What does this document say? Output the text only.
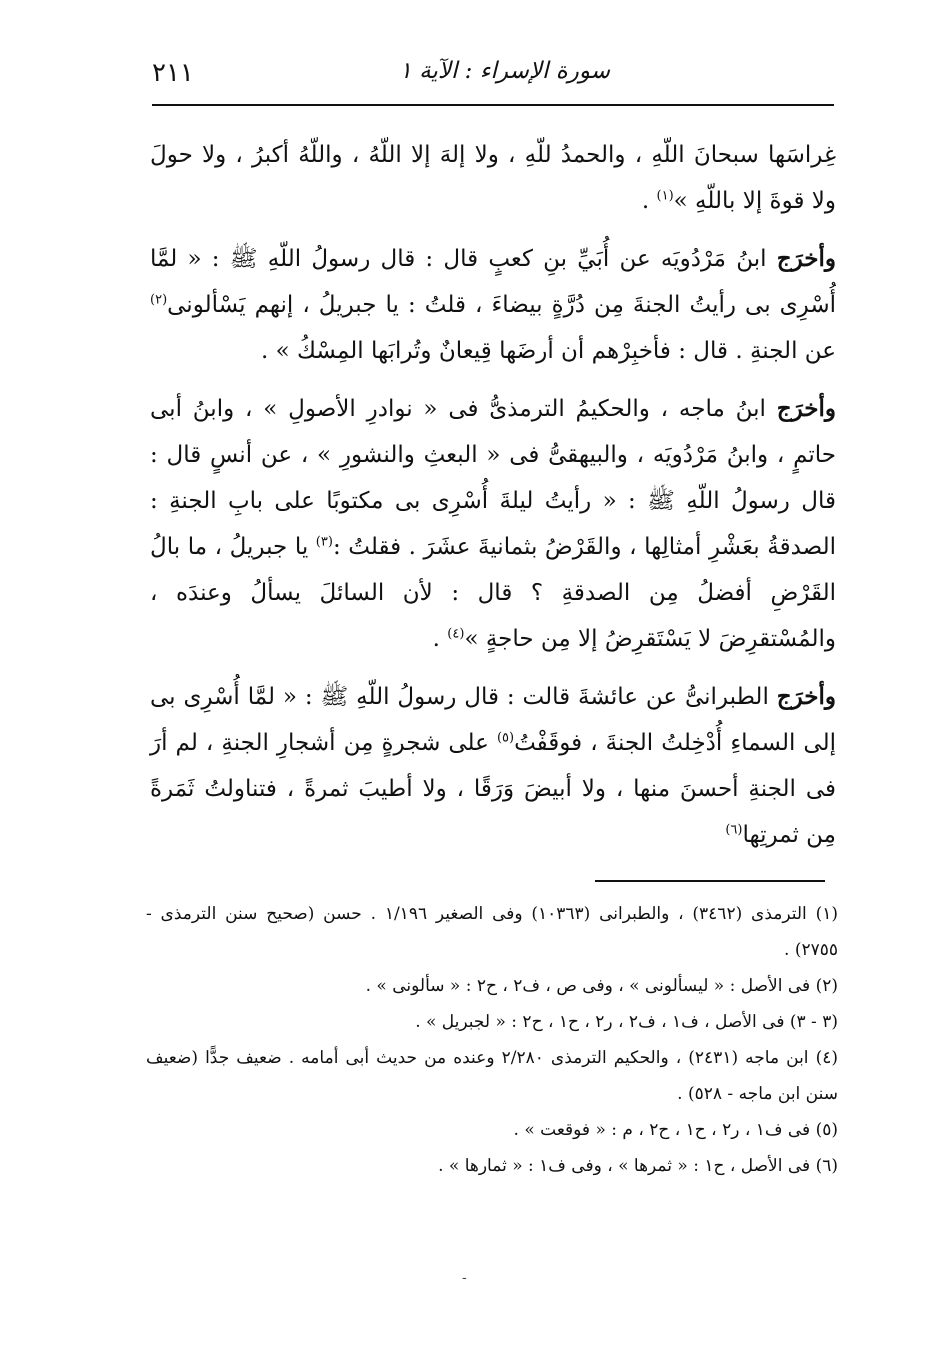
سورة الإسراء : الآية ١
٢١١

غِراسَها سبحانَ اللّهِ ، والحمدُ للّهِ ، ولا إلهَ إلا اللّهُ ، واللّهُ أكبرُ ، ولا حولَ ولا قوةَ إلا باللّهِ »$^{(١)}$ .

وأخرَج ابنُ مَرْدُويَه عن أُبَيِّ بنِ كعبٍ قال : قال رسولُ اللّهِ ﷺ : « لمَّا أُسْرِى بى رأيتُ الجنةَ مِن دُرَّةٍ بيضاءَ ، قلتُ : يا جبريلُ ، إنهم يَسْألونى$^{(٢)}$ عن الجنةِ . قال : فأخبِرْهم أن أرضَها قِيعانٌ وتُرابَها المِسْكُ » .

وأخرَج ابنُ ماجه ، والحكيمُ الترمذىُّ فى « نوادرِ الأصولِ » ، وابنُ أبى حاتمٍ ، وابنُ مَرْدُويَه ، والبيهقىُّ فى « البعثِ والنشورِ » ، عن أنسٍ قال : قال رسولُ اللّهِ ﷺ : « رأيتُ ليلةَ أُسْرِى بى مكتوبًا على بابِ الجنةِ : الصدقةُ بعَشْرِ أمثالِها ، والقَرْضُ بثمانيةَ عشَرَ . فقلتُ :$^{(٣)}$ يا جبريلُ ، ما بالُ القَرْضِ أفضلُ مِن الصدقةِ ؟ قال : لأن السائلَ يسألُ وعندَه ، والمُسْتقرِضَ لا يَسْتَقرِضُ إلا مِن حاجةٍ »$^{(٤)}$ .

وأخرَج الطبرانىُّ عن عائشةَ قالت : قال رسولُ اللّهِ ﷺ : « لمَّا أُسْرِى بى إلى السماءِ أُدْخِلتُ الجنةَ ، فوقَفْتُ$^{(٥)}$ على شجرةٍ مِن أشجارِ الجنةِ ، لم أرَ فى الجنةِ أحسنَ منها ، ولا أبيضَ وَرَقًا ، ولا أطيبَ ثمرةً ، فتناولتُ ثَمَرةً مِن ثمرتِها$^{(٦)}$

(١) الترمذى (٣٤٦٢) ، والطبرانى (١٠٣٦٣) وفى الصغير ١/١٩٦ . حسن (صحيح سنن الترمذى - ٢٧٥٥) .

(٢) فى الأصل : « ليسألونى » ، وفى ص ، ف٢ ، ح٢ : « سألونى » .

(٣ - ٣) فى الأصل ، ف١ ، ف٢ ، ر٢ ، ح١ ، ح٢ : « لجبريل » .

(٤) ابن ماجه (٢٤٣١) ، والحكيم الترمذى ٢/٢٨٠ وعنده من حديث أبى أمامه . ضعيف جدًّا (ضعيف سنن ابن ماجه - ٥٢٨) .

(٥) فى ف١ ، ر٢ ، ح١ ، ح٢ ، م : « فوقعت » .

(٦) فى الأصل ، ح١ : « ثمرها » ، وفى ف١ : « ثمارها » .

-
